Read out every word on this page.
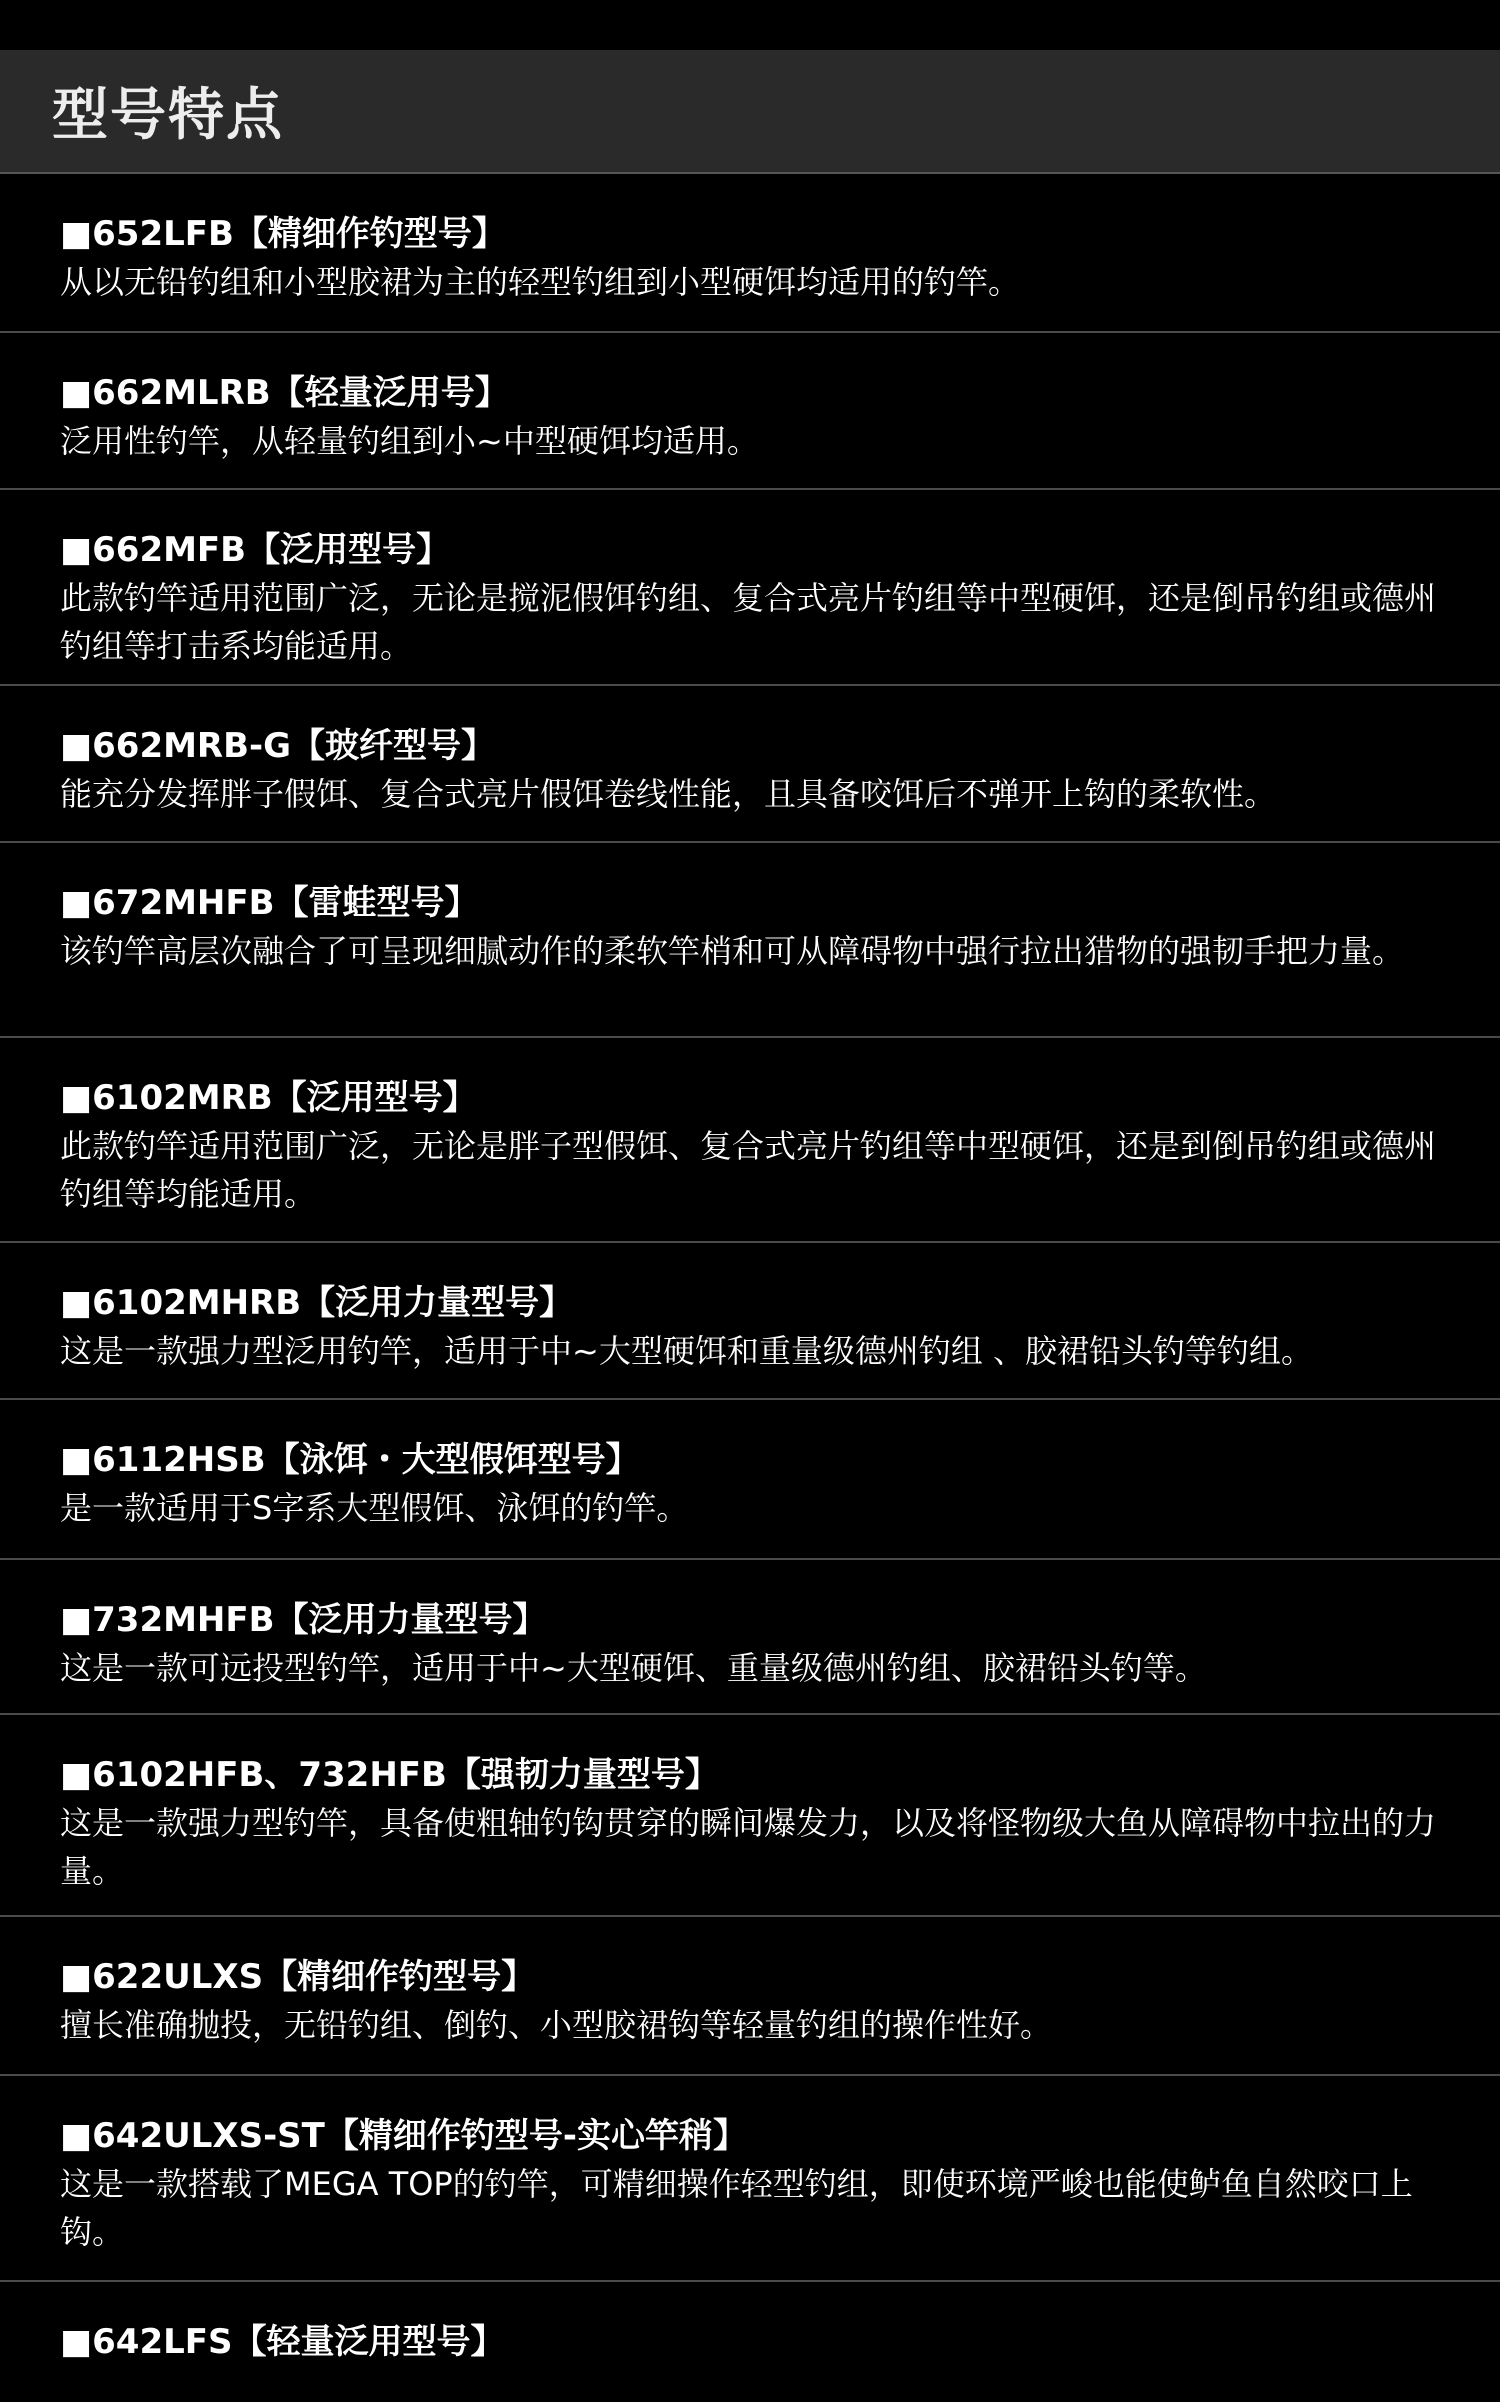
型号特点
■652LFB【精细作钓型号】
从以无铅钓组和小型胶裙为主的轻型钓组到小型硬饵均适用的钓竿。
■662MLRB【轻量泛用号】
泛用性钓竿，从轻量钓组到小~中型硬饵均适用。
■662MFB【泛用型号】
此款钓竿适用范围广泛，无论是搅泥假饵钓组、复合式亮片钓组等中型硬饵，还是倒吊钓组或德州钓组等打击系均能适用。
■662MRB-G【玻纤型号】
能充分发挥胖子假饵、复合式亮片假饵卷线性能，且具备咬饵后不弹开上钩的柔软性。
■672MHFB【雷蛙型号】
该钓竿高层次融合了可呈现细腻动作的柔软竿梢和可从障碍物中强行拉出猎物的强韧手把力量。
■6102MRB【泛用型号】
此款钓竿适用范围广泛，无论是胖子型假饵、复合式亮片钓组等中型硬饵，还是到倒吊钓组或德州钓组等均能适用。
■6102MHRB【泛用力量型号】
这是一款强力型泛用钓竿，适用于中~大型硬饵和重量级德州钓组 、胶裙铅头钓等钓组。
■6112HSB【泳饵・大型假饵型号】
是一款适用于S字系大型假饵、泳饵的钓竿。
■732MHFB【泛用力量型号】
这是一款可远投型钓竿，适用于中~大型硬饵、重量级德州钓组、胶裙铅头钓等。
■6102HFB、732HFB【强韧力量型号】
这是一款强力型钓竿，具备使粗轴钓钩贯穿的瞬间爆发力，以及将怪物级大鱼从障碍物中拉出的力量。
■622ULXS【精细作钓型号】
擅长准确抛投，无铅钓组、倒钓、小型胶裙钩等轻量钓组的操作性好。
■642ULXS-ST【精细作钓型号-实心竿稍】
这是一款搭载了MEGA TOP的钓竿，可精细操作轻型钓组，即使环境严峻也能使鲈鱼自然咬口上钩。
■642LFS【轻量泛用型号】
